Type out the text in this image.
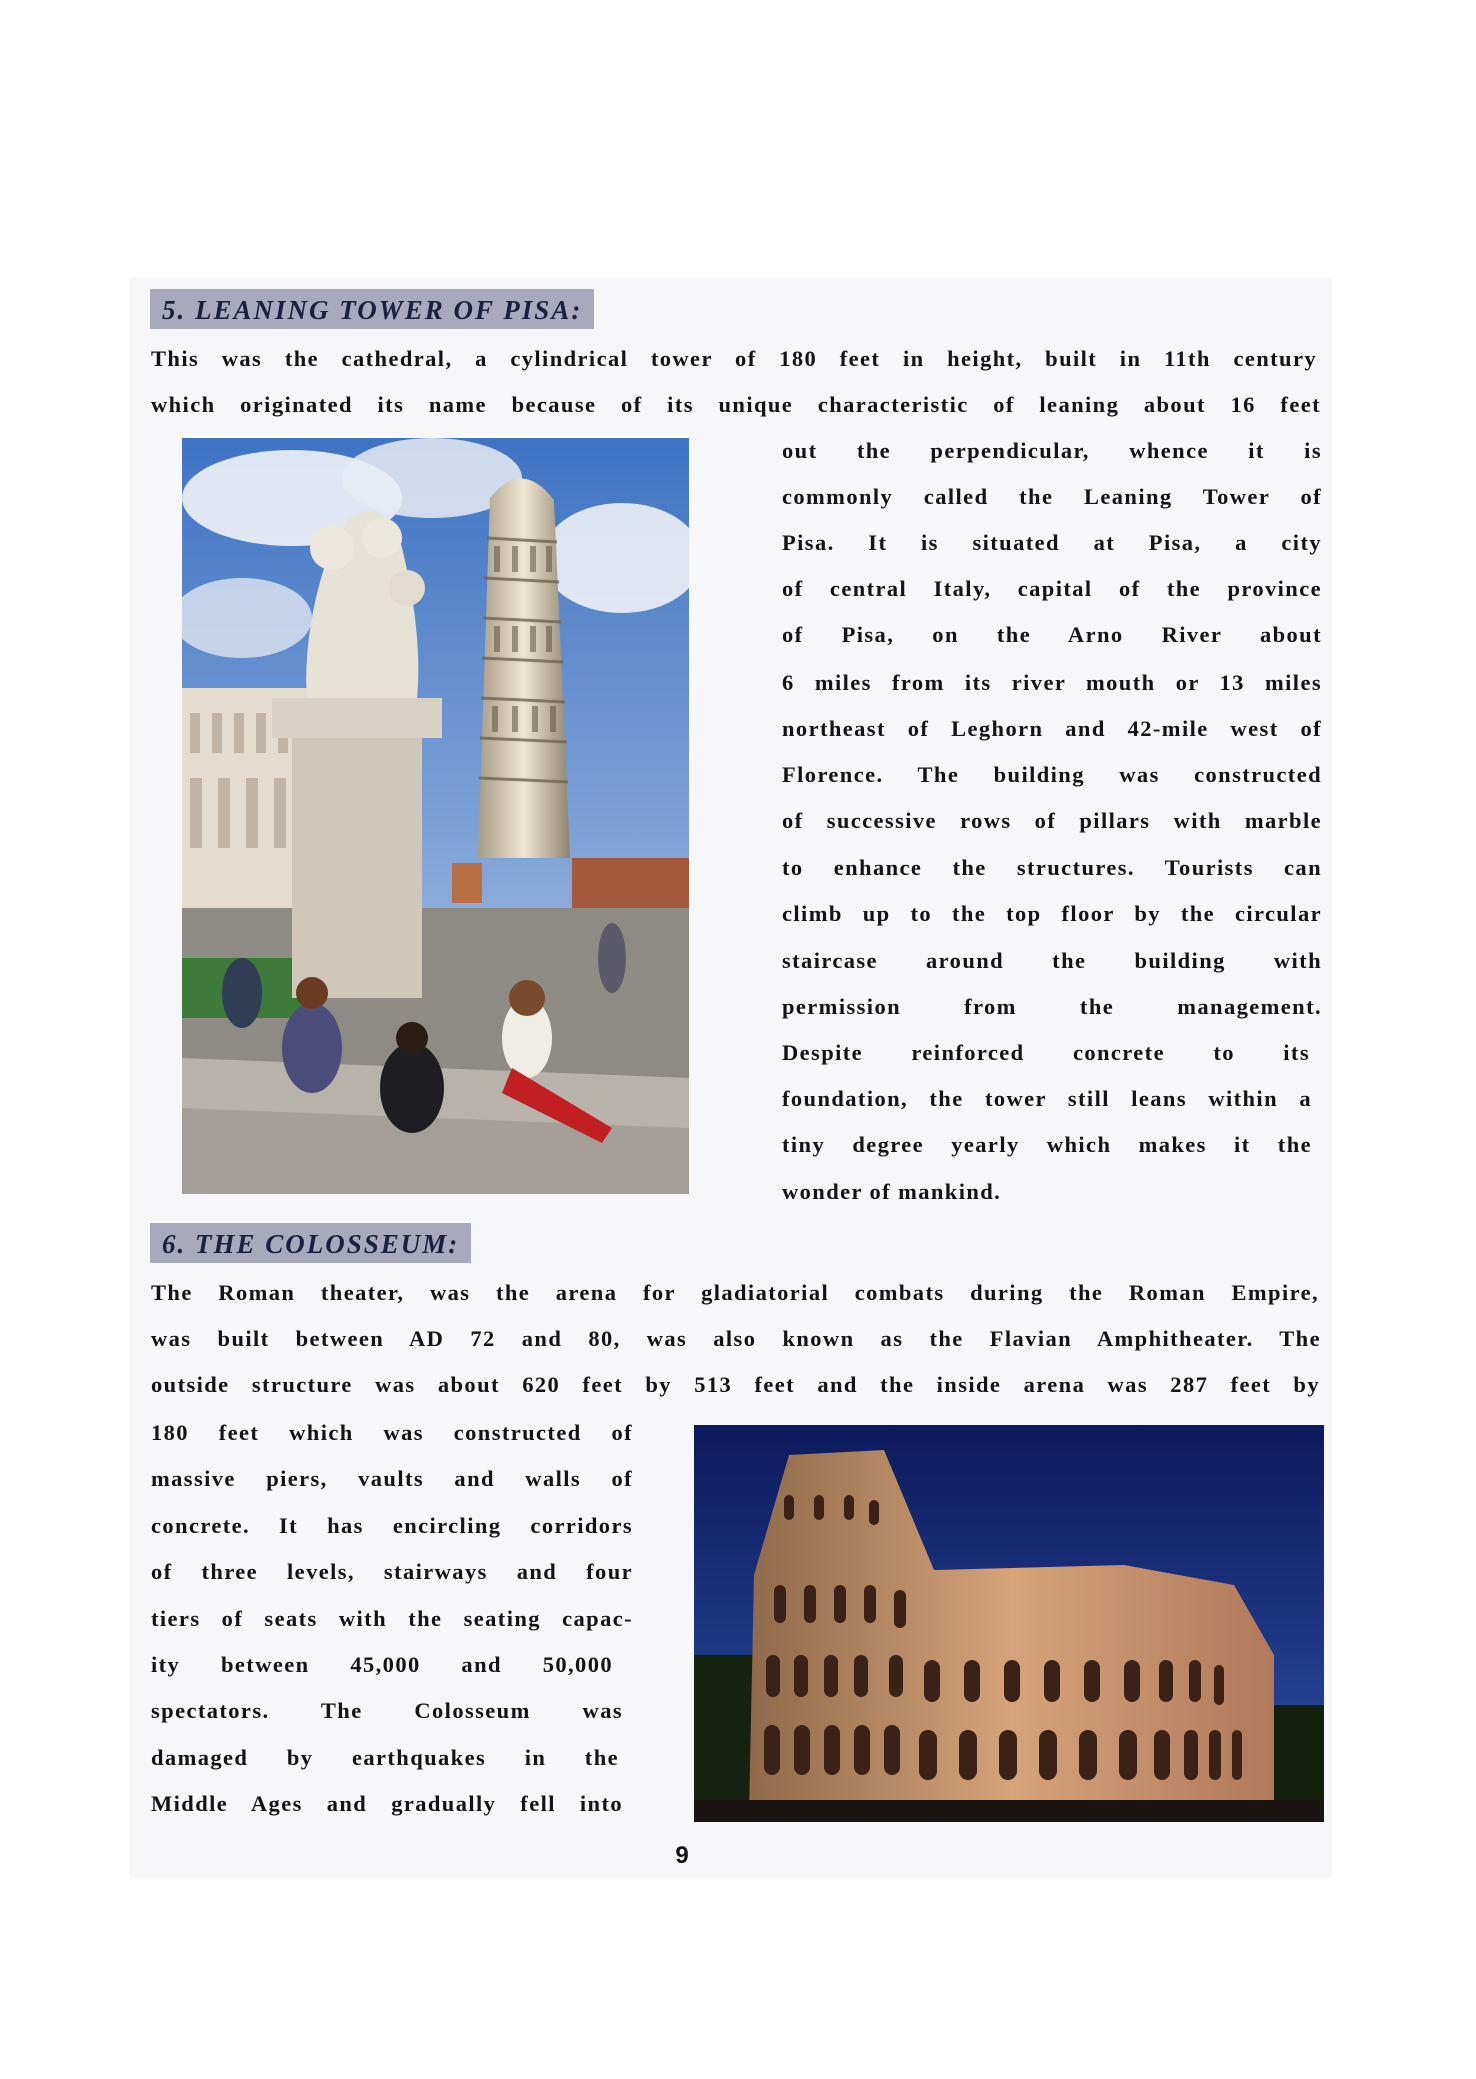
5. LEANING TOWER OF PISA:
This was the cathedral, a cylindrical tower of 180 feet in height, built in 11th century
which originated its name because of its unique characteristic of leaning about 16 feet
out the perpendicular, whence it is
commonly called the Leaning Tower of
Pisa. It is situated at Pisa, a city
of central Italy, capital of the province
of Pisa, on the Arno River about
6 miles from its river mouth or 13 miles
northeast of Leghorn and 42-mile west of
Florence. The building was constructed
of successive rows of pillars with marble
to enhance the structures. Tourists can
climb up to the top floor by the circular
staircase around the building with
permission from the management.
Despite reinforced concrete to its
foundation, the tower still leans within a
tiny degree yearly which makes it the
wonder of mankind.
6. THE COLOSSEUM:
The Roman theater, was the arena for gladiatorial combats during the Roman Empire,
was built between AD 72 and 80, was also known as the Flavian Amphitheater. The
outside structure was about 620 feet by 513 feet and the inside arena was 287 feet by
180 feet which was constructed of
massive piers, vaults and walls of
concrete. It has encircling corridors
of three levels, stairways and four
tiers of seats with the seating capac-
ity between 45,000 and 50,000
spectators. The Colosseum was
damaged by earthquakes in the
Middle Ages and gradually fell into
9
